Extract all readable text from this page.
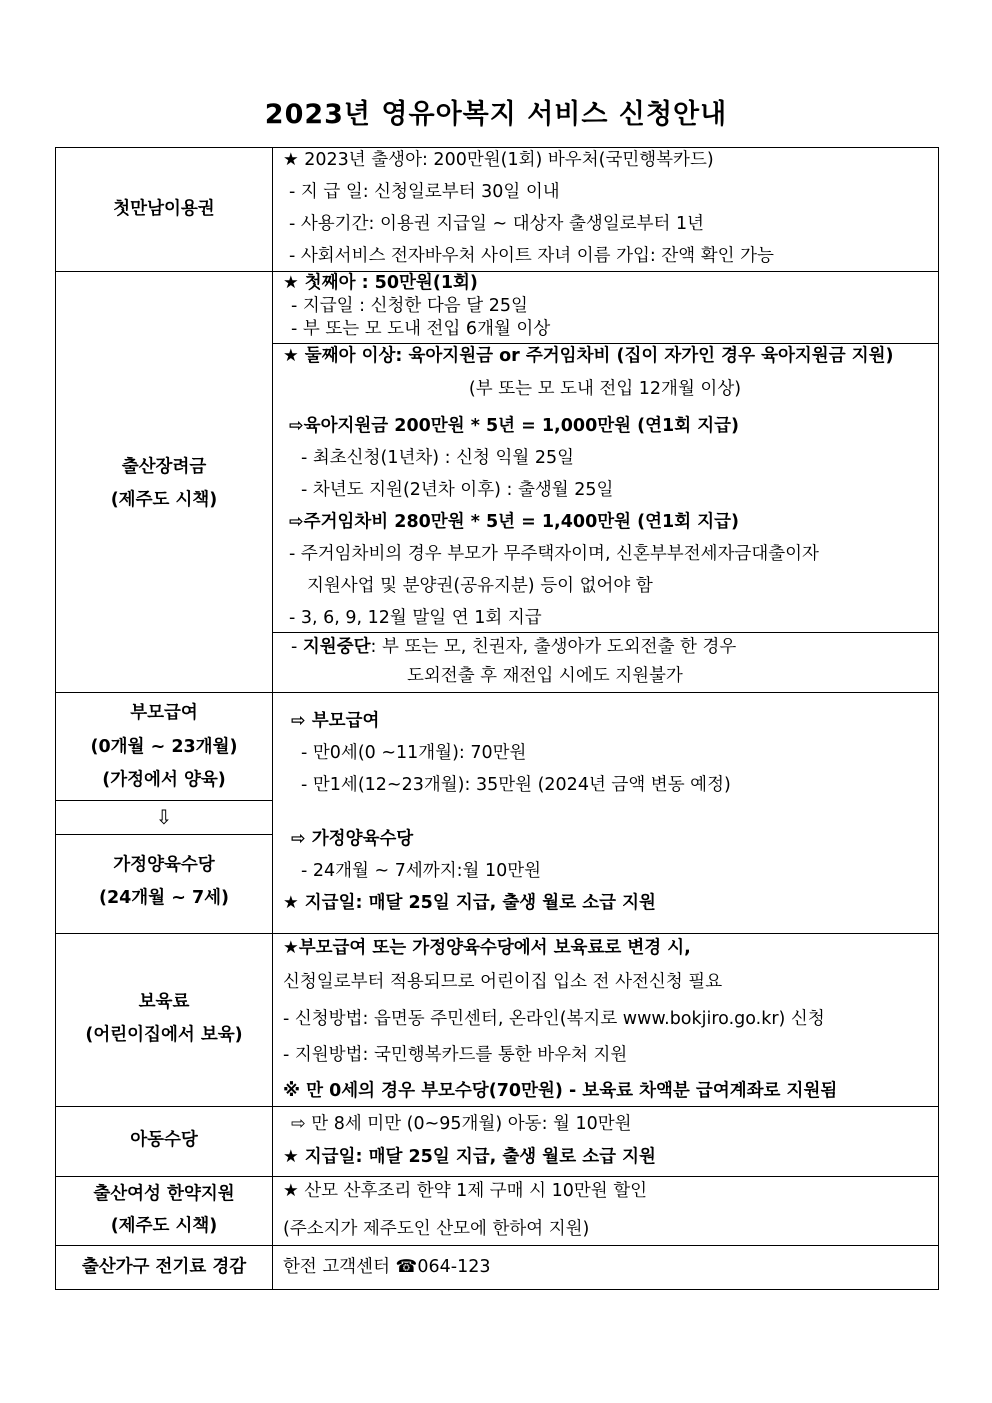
2023년 영유아복지 서비스 신청안내
첫만남이용권
★ 2023년 출생아: 200만원(1회) 바우처(국민행복카드)
- 지 급 일: 신청일로부터 30일 이내
- 사용기간: 이용권 지급일 ~ 대상자 출생일로부터 1년
- 사회서비스 전자바우처 사이트 자녀 이름 가입: 잔액 확인 가능
출산장려금
(제주도 시책)
★ 첫째아 : 50만원(1회)
- 지급일 : 신청한 다음 달 25일
- 부 또는 모 도내 전입 6개월 이상
★ 둘째아 이상: 육아지원금 or 주거임차비 (집이 자가인 경우 육아지원금 지원)
(부 또는 모 도내 전입 12개월 이상)
⇨육아지원금 200만원 * 5년 = 1,000만원 (연1회 지급)
- 최초신청(1년차) : 신청 익월 25일
- 차년도 지원(2년차 이후) : 출생월 25일
⇨주거임차비 280만원 * 5년 = 1,400만원 (연1회 지급)
- 주거임차비의 경우 부모가 무주택자이며, 신혼부부전세자금대출이자
지원사업 및 분양권(공유지분) 등이 없어야 함
- 3, 6, 9, 12월 말일 연 1회 지급
- 지원중단: 부 또는 모, 친권자, 출생아가 도외전출 한 경우
도외전출 후 재전입 시에도 지원불가
부모급여
(0개월 ~ 23개월)
(가정에서 양육)
⇩
가정양육수당
(24개월 ~ 7세)
⇨ 부모급여
- 만0세(0 ~11개월): 70만원
- 만1세(12~23개월): 35만원 (2024년 금액 변동 예정)
⇨ 가정양육수당
- 24개월 ~ 7세까지:월 10만원
★ 지급일: 매달 25일 지급, 출생 월로 소급 지원
보육료
(어린이집에서 보육)
★부모급여 또는 가정양육수당에서 보육료로 변경 시,
신청일로부터 적용되므로 어린이집 입소 전 사전신청 필요
- 신청방법: 읍면동 주민센터, 온라인(복지로 www.bokjiro.go.kr) 신청
- 지원방법: 국민행복카드를 통한 바우처 지원
※ 만 0세의 경우 부모수당(70만원) - 보육료 차액분 급여계좌로 지원됨
아동수당
⇨ 만 8세 미만 (0~95개월) 아동: 월 10만원
★ 지급일: 매달 25일 지급, 출생 월로 소급 지원
출산여성 한약지원
(제주도 시책)
★ 산모 산후조리 한약 1제 구매 시 10만원 할인
(주소지가 제주도인 산모에 한하여 지원)
출산가구 전기료 경감	한전 고객센터 ☎064-123
